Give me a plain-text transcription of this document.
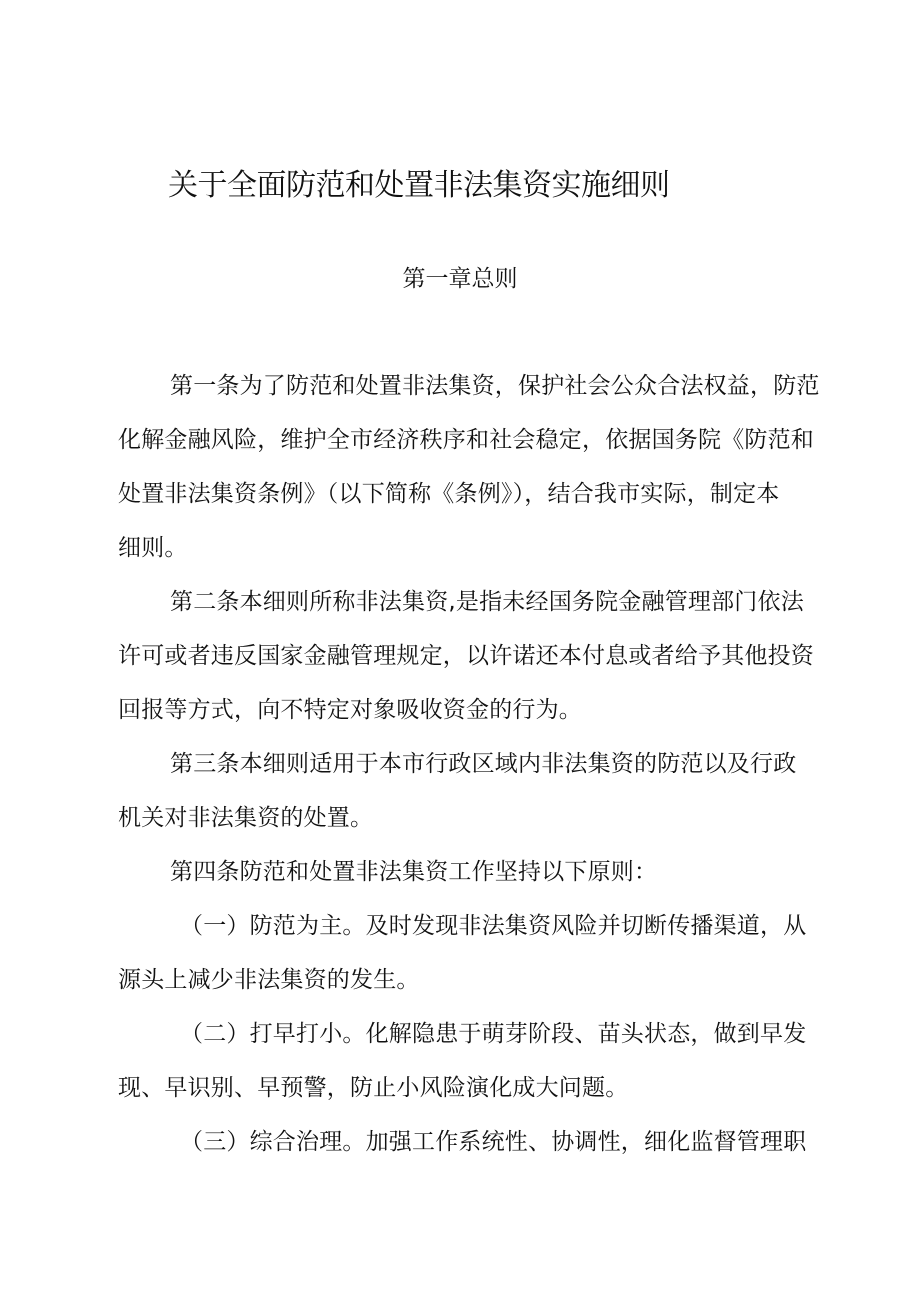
关于全面防范和处置非法集资实施细则
第一章总则
第一条为了防范和处置非法集资，保护社会公众合法权益，防范
化解金融风险，维护全市经济秩序和社会稳定，依据国务院《防范和
处置非法集资条例》（以下简称《条例》），结合我市实际，制定本
细则。
第二条本细则所称非法集资,是指未经国务院金融管理部门依法
许可或者违反国家金融管理规定，以许诺还本付息或者给予其他投资
回报等方式，向不特定对象吸收资金的行为。
第三条本细则适用于本市行政区域内非法集资的防范以及行政
机关对非法集资的处置。
第四条防范和处置非法集资工作坚持以下原则：
（一）防范为主。及时发现非法集资风险并切断传播渠道，从
源头上减少非法集资的发生。
（二）打早打小。化解隐患于萌芽阶段、苗头状态，做到早发
现、早识别、早预警，防止小风险演化成大问题。
（三）综合治理。加强工作系统性、协调性，细化监督管理职
